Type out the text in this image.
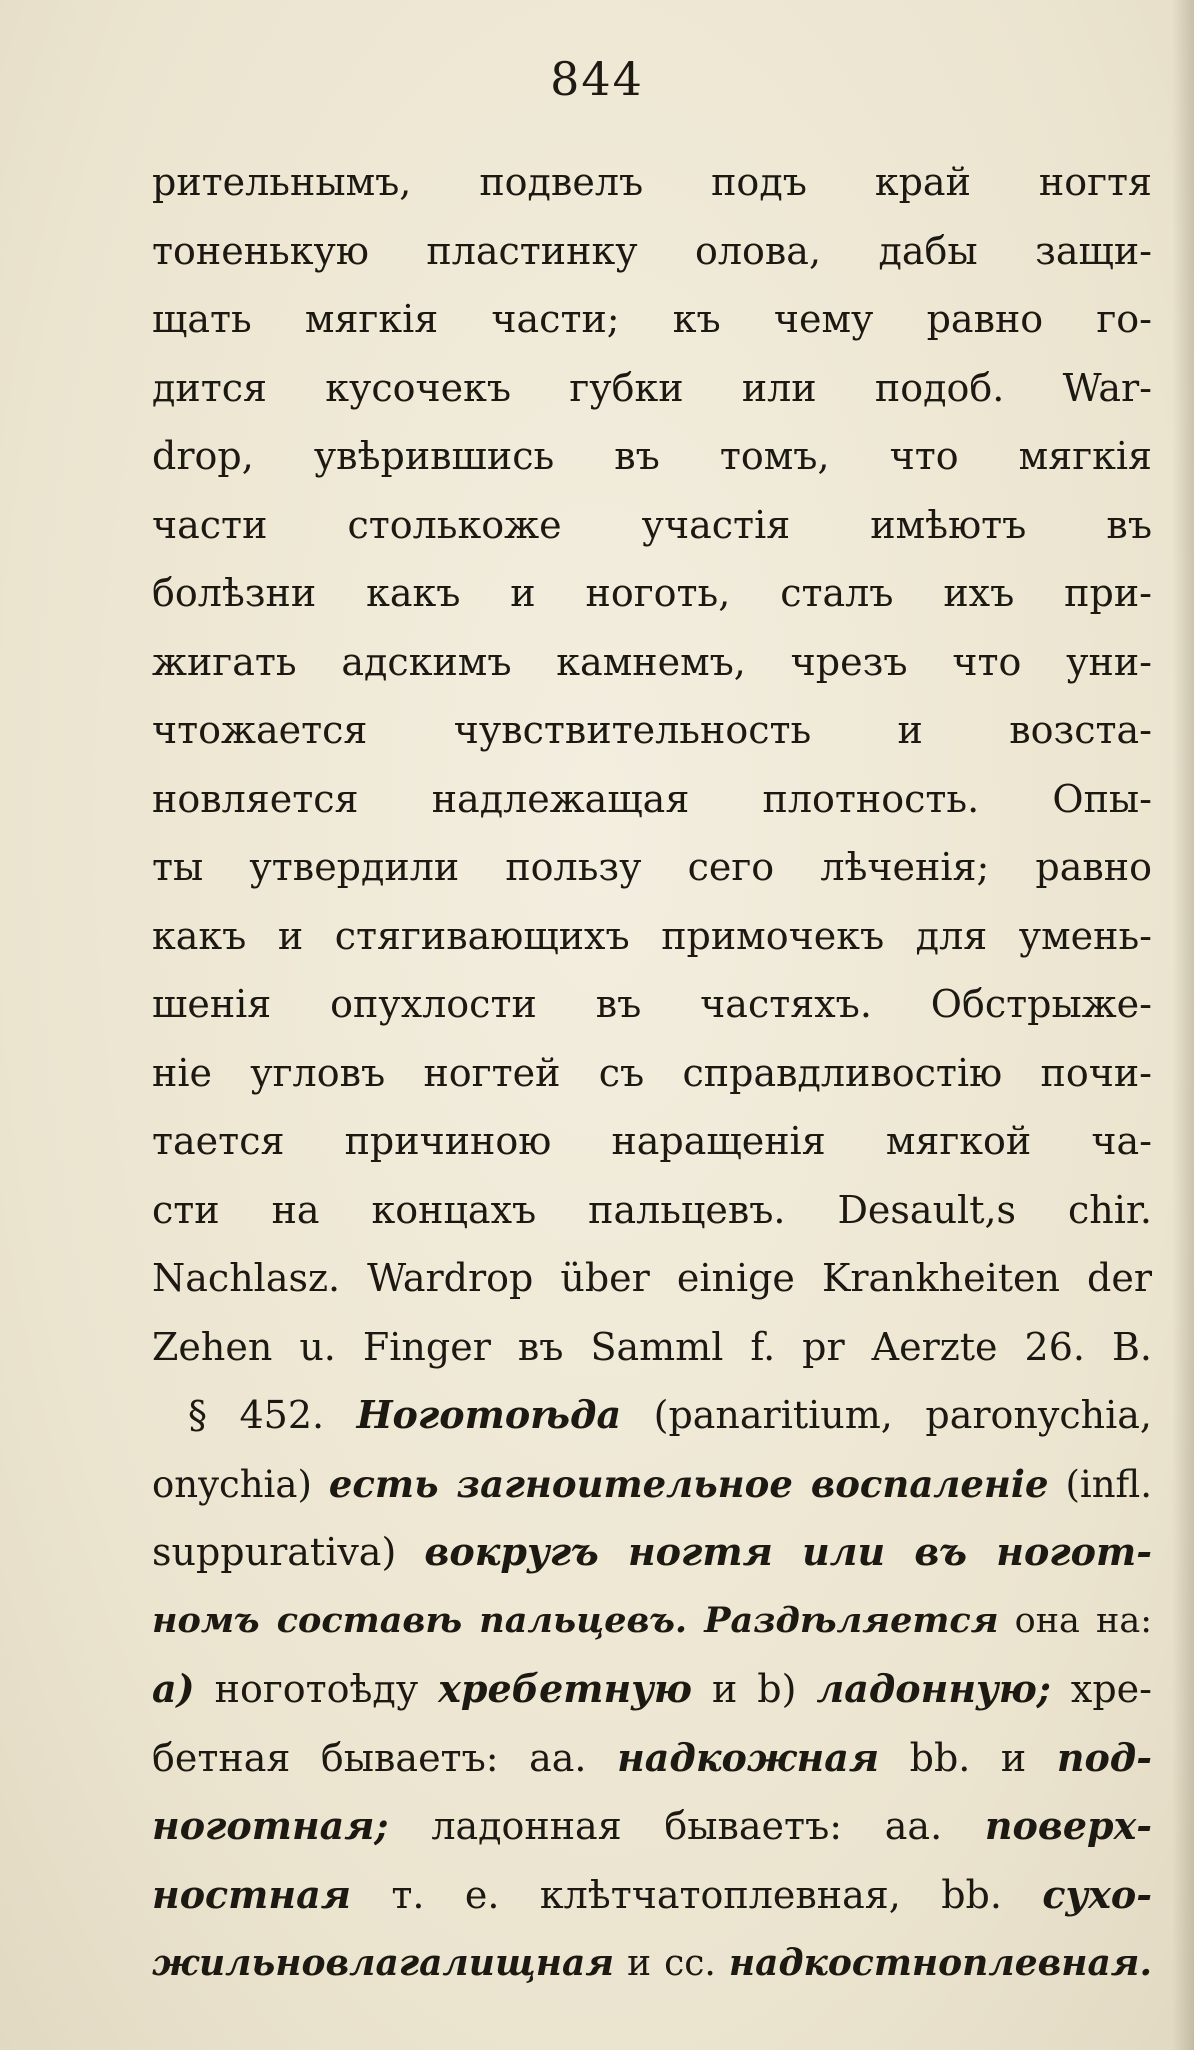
844
рительнымъ, подвелъ подъ край ногтя
тоненькую пластинку олова, дабы защи-
щать мягкія части; къ чему равно го-
дится кусочекъ губки или подоб. War-
drop, увѣрившись въ томъ, что мягкія
части столькоже участія имѣютъ въ
болѣзни какъ и ноготь, сталъ ихъ при-
жигать адскимъ камнемъ, чрезъ что уни-
чтожается чувствительность и возста-
новляется надлежащая плотность. Опы-
ты утвердили пользу сего лѣченія; равно
какъ и стягивающихъ примочекъ для умень-
шенія опухлости въ частяхъ. Обстрыже-
ніе угловъ ногтей съ справдливостію почи-
тается причиною наращенія мягкой ча-
сти на концахъ пальцевъ. Desault,s chir.
Nachlasz. Wardrop über einige Krankheiten der
Zehen u. Finger въ Samml f. pr Aerzte 26. B.
§ 452. Ноготоѣда (panaritium, paronychia,
onychia) есть загноительное воспаленіе (infl.
suppurativa) вокругъ ногтя или въ ногот-
номъ составѣ пальцевъ. Раздѣляется она на:
a) ноготоѣду хребетную и b) ладонную; хре-
бетная бываетъ: aa. надкожная bb. и под-
ноготная; ладонная бываетъ: aa. поверх-
ностная т. е. клѣтчатоплевная, bb. сухо-
жильновлагалищная и cc. надкостноплевная.
